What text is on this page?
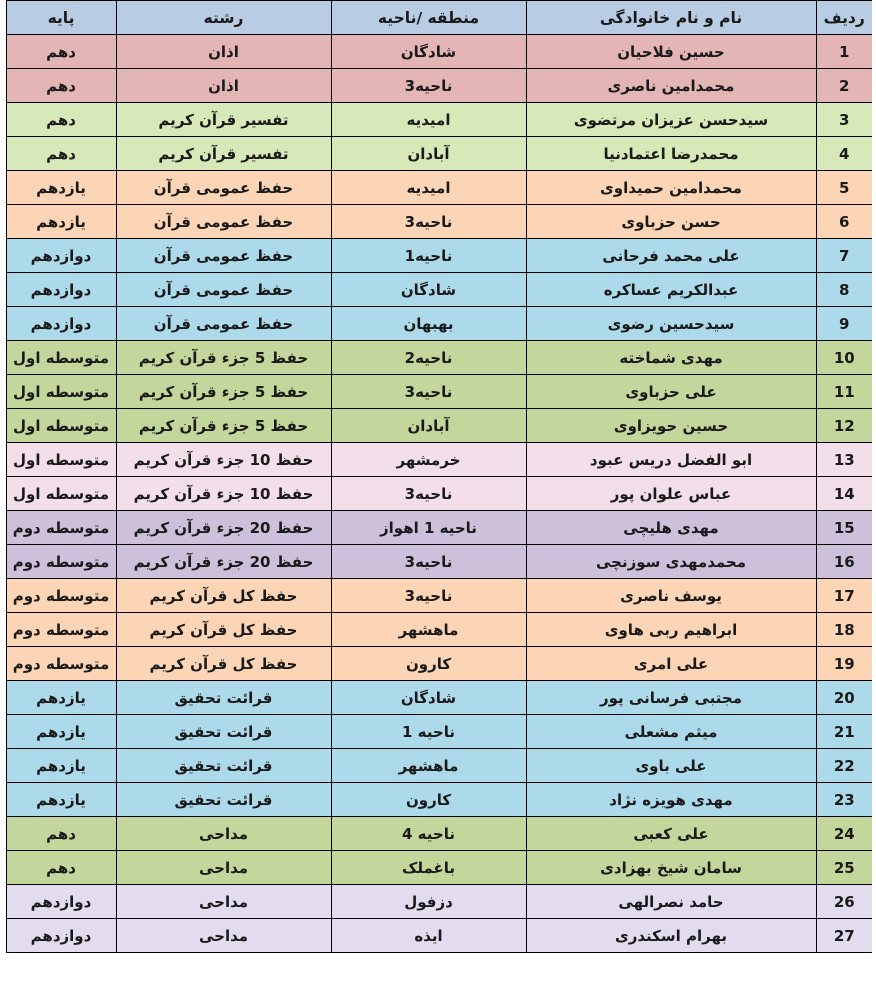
ردیف	نام و نام خانوادگی	منطقه /ناحیه	رشته	پایه
1	حسین فلاحیان	شادگان	اذان	دهم
2	محمدامین ناصری	ناحیه3	اذان	دهم
3	سیدحسن عزیزان مرتضوی	امیدیه	تفسیر قرآن کریم	دهم
4	محمدرضا اعتمادنیا	آبادان	تفسیر قرآن کریم	دهم
5	محمدامین حمیداوی	امیدیه	حفظ عمومی قرآن	یازدهم
6	حسن حزباوی	ناحیه3	حفظ عمومی قرآن	یازدهم
7	علی محمد فرحانی	ناحیه1	حفظ عمومی قرآن	دوازدهم
8	عبدالکریم عساکره	شادگان	حفظ عمومی قرآن	دوازدهم
9	سیدحسین رضوی	بهبهان	حفظ عمومی قرآن	دوازدهم
10	مهدی شماخته	ناحیه2	حفظ 5 جزء قرآن کریم	متوسطه اول
11	علی حزباوی	ناحیه3	حفظ 5 جزء قرآن کریم	متوسطه اول
12	حسین حویزاوی	آبادان	حفظ 5 جزء قرآن کریم	متوسطه اول
13	ابو الفضل دریس عبود	خرمشهر	حفظ 10 جزء قرآن کریم	متوسطه اول
14	عباس علوان پور	ناحیه3	حفظ 10 جزء قرآن کریم	متوسطه اول
15	مهدی هلیچی	ناحیه 1 اهواز	حفظ 20 جزء قرآن کریم	متوسطه دوم
16	محمدمهدی سوزنچی	ناحیه3	حفظ 20 جزء قرآن کریم	متوسطه دوم
17	یوسف ناصری	ناحیه3	حفظ کل قرآن کریم	متوسطه دوم
18	ابراهیم ربی هاوی	ماهشهر	حفظ کل قرآن کریم	متوسطه دوم
19	علی امری	کارون	حفظ کل قرآن کریم	متوسطه دوم
20	مجتبی فرسانی پور	شادگان	قرائت تحقیق	یازدهم
21	میثم مشعلی	ناحیه 1	قرائت تحقیق	یازدهم
22	علی باوی	ماهشهر	قرائت تحقیق	یازدهم
23	مهدی هویزه نژاد	کارون	قرائت تحقیق	یازدهم
24	علی کعبی	ناحیه 4	مداحی	دهم
25	سامان شیخ بهزادی	باغملک	مداحی	دهم
26	حامد نصرالهی	دزفول	مداحی	دوازدهم
27	بهرام اسکندری	ایذه	مداحی	دوازدهم
